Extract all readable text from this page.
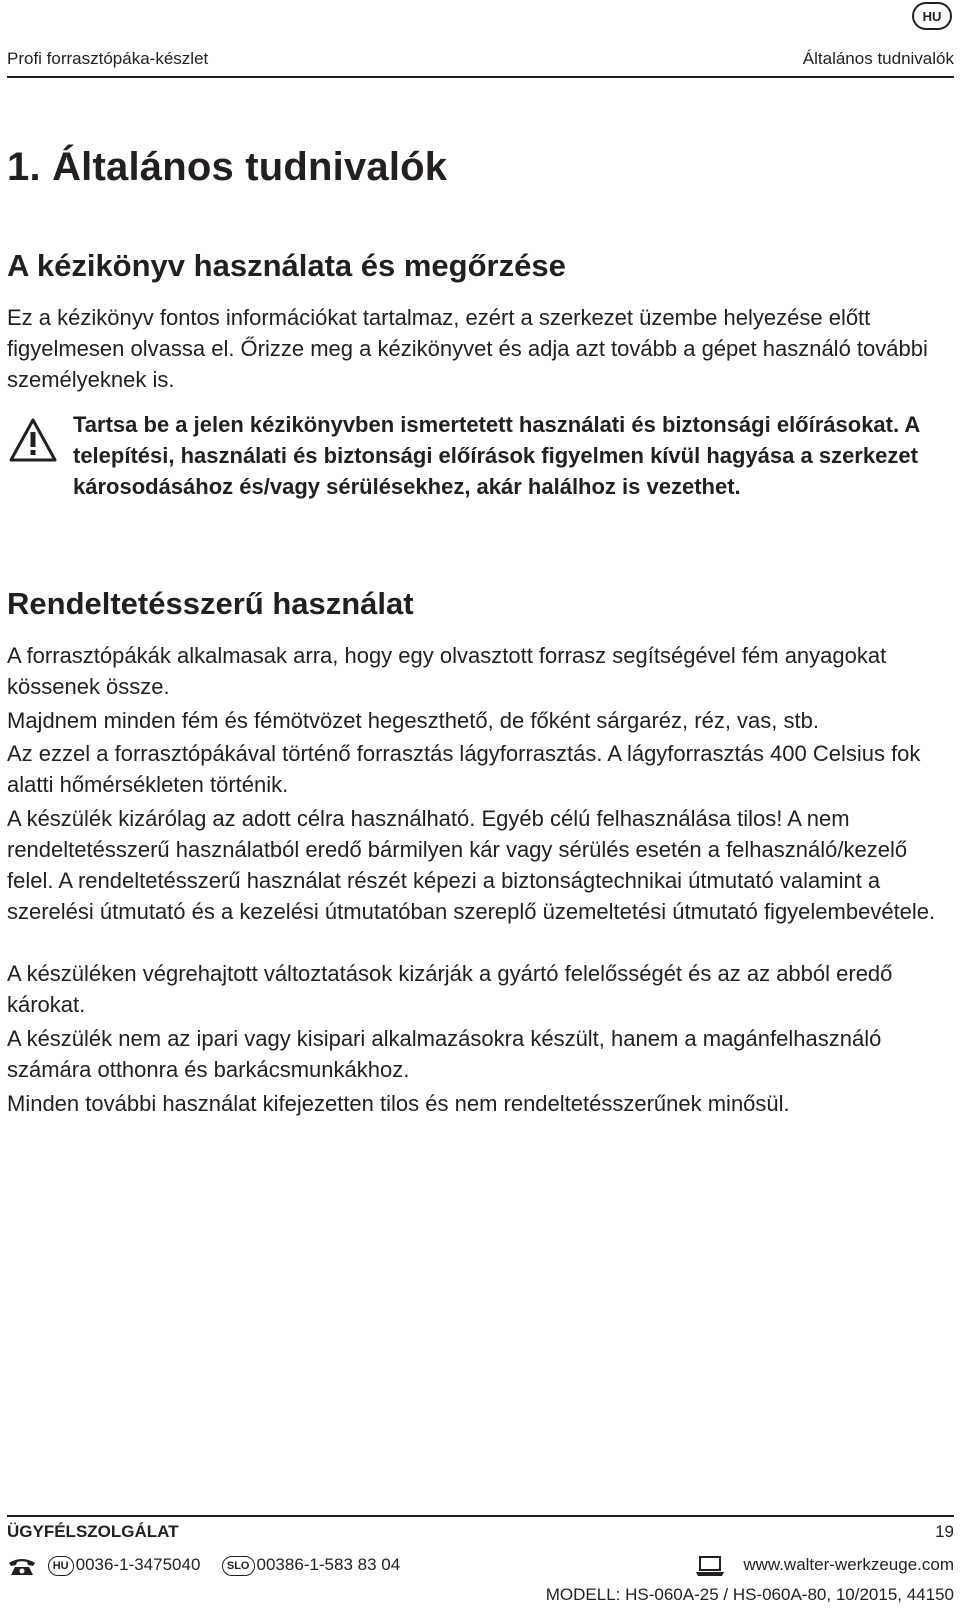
HU
Profi forrasztópáka-készlet	Általános tudnivalók
1. Általános tudnivalók
A kézikönyv használata és megőrzése

Ez a kézikönyv fontos információkat tartalmaz, ezért a szerkezet üzembe helyezése előtt figyelmesen olvassa el. Őrizze meg a kézikönyvet és adja azt tovább a gépet használó további személyeknek is.

Tartsa be a jelen kézikönyvben ismertetett használati és biztonsági előírásokat. A telepítési, használati és biztonsági előírások figyelmen kívül hagyása a szerkezet károsodásához és/vagy sérülésekhez, akár halálhoz is vezethet.

Rendeltetésszerű használat

A forrasztópákák alkalmasak arra, hogy egy olvasztott forrasz segítségével fém anyagokat kössenek össze.

Majdnem minden fém és fémötvözet hegeszthető, de főként sárgaréz, réz, vas, stb.

Az ezzel a forrasztópákával történő forrasztás lágyforrasztás. A lágyforrasztás 400 Celsius fok alatti hőmérsékleten történik.

A készülék kizárólag az adott célra használható. Egyéb célú felhasználása tilos! A nem rendeltetésszerű használatból eredő bármilyen kár vagy sérülés esetén a felhasználó/kezelő felel. A rendeltetésszerű használat részét képezi a biztonságtechnikai útmutató valamint a szerelési útmutató és a kezelési útmutatóban szereplő üzemeltetési útmutató figyelembevétele.

A készüléken végrehajtott változtatások kizárják a gyártó felelősségét és az az abból eredő károkat.

A készülék nem az ipari vagy kisipari alkalmazásokra készült, hanem a magánfelhasználó számára otthonra és barkácsmunkákhoz.

Minden további használat kifejezetten tilos és nem rendeltetésszerűnek minősül.

ÜGYFÉLSZOLGÁLAT	19
HU 0036-1-3475040 SLO 00386-1-583 83 04	www.walter-werkzeuge.com
MODELL: HS-060A-25 / HS-060A-80, 10/2015, 44150
